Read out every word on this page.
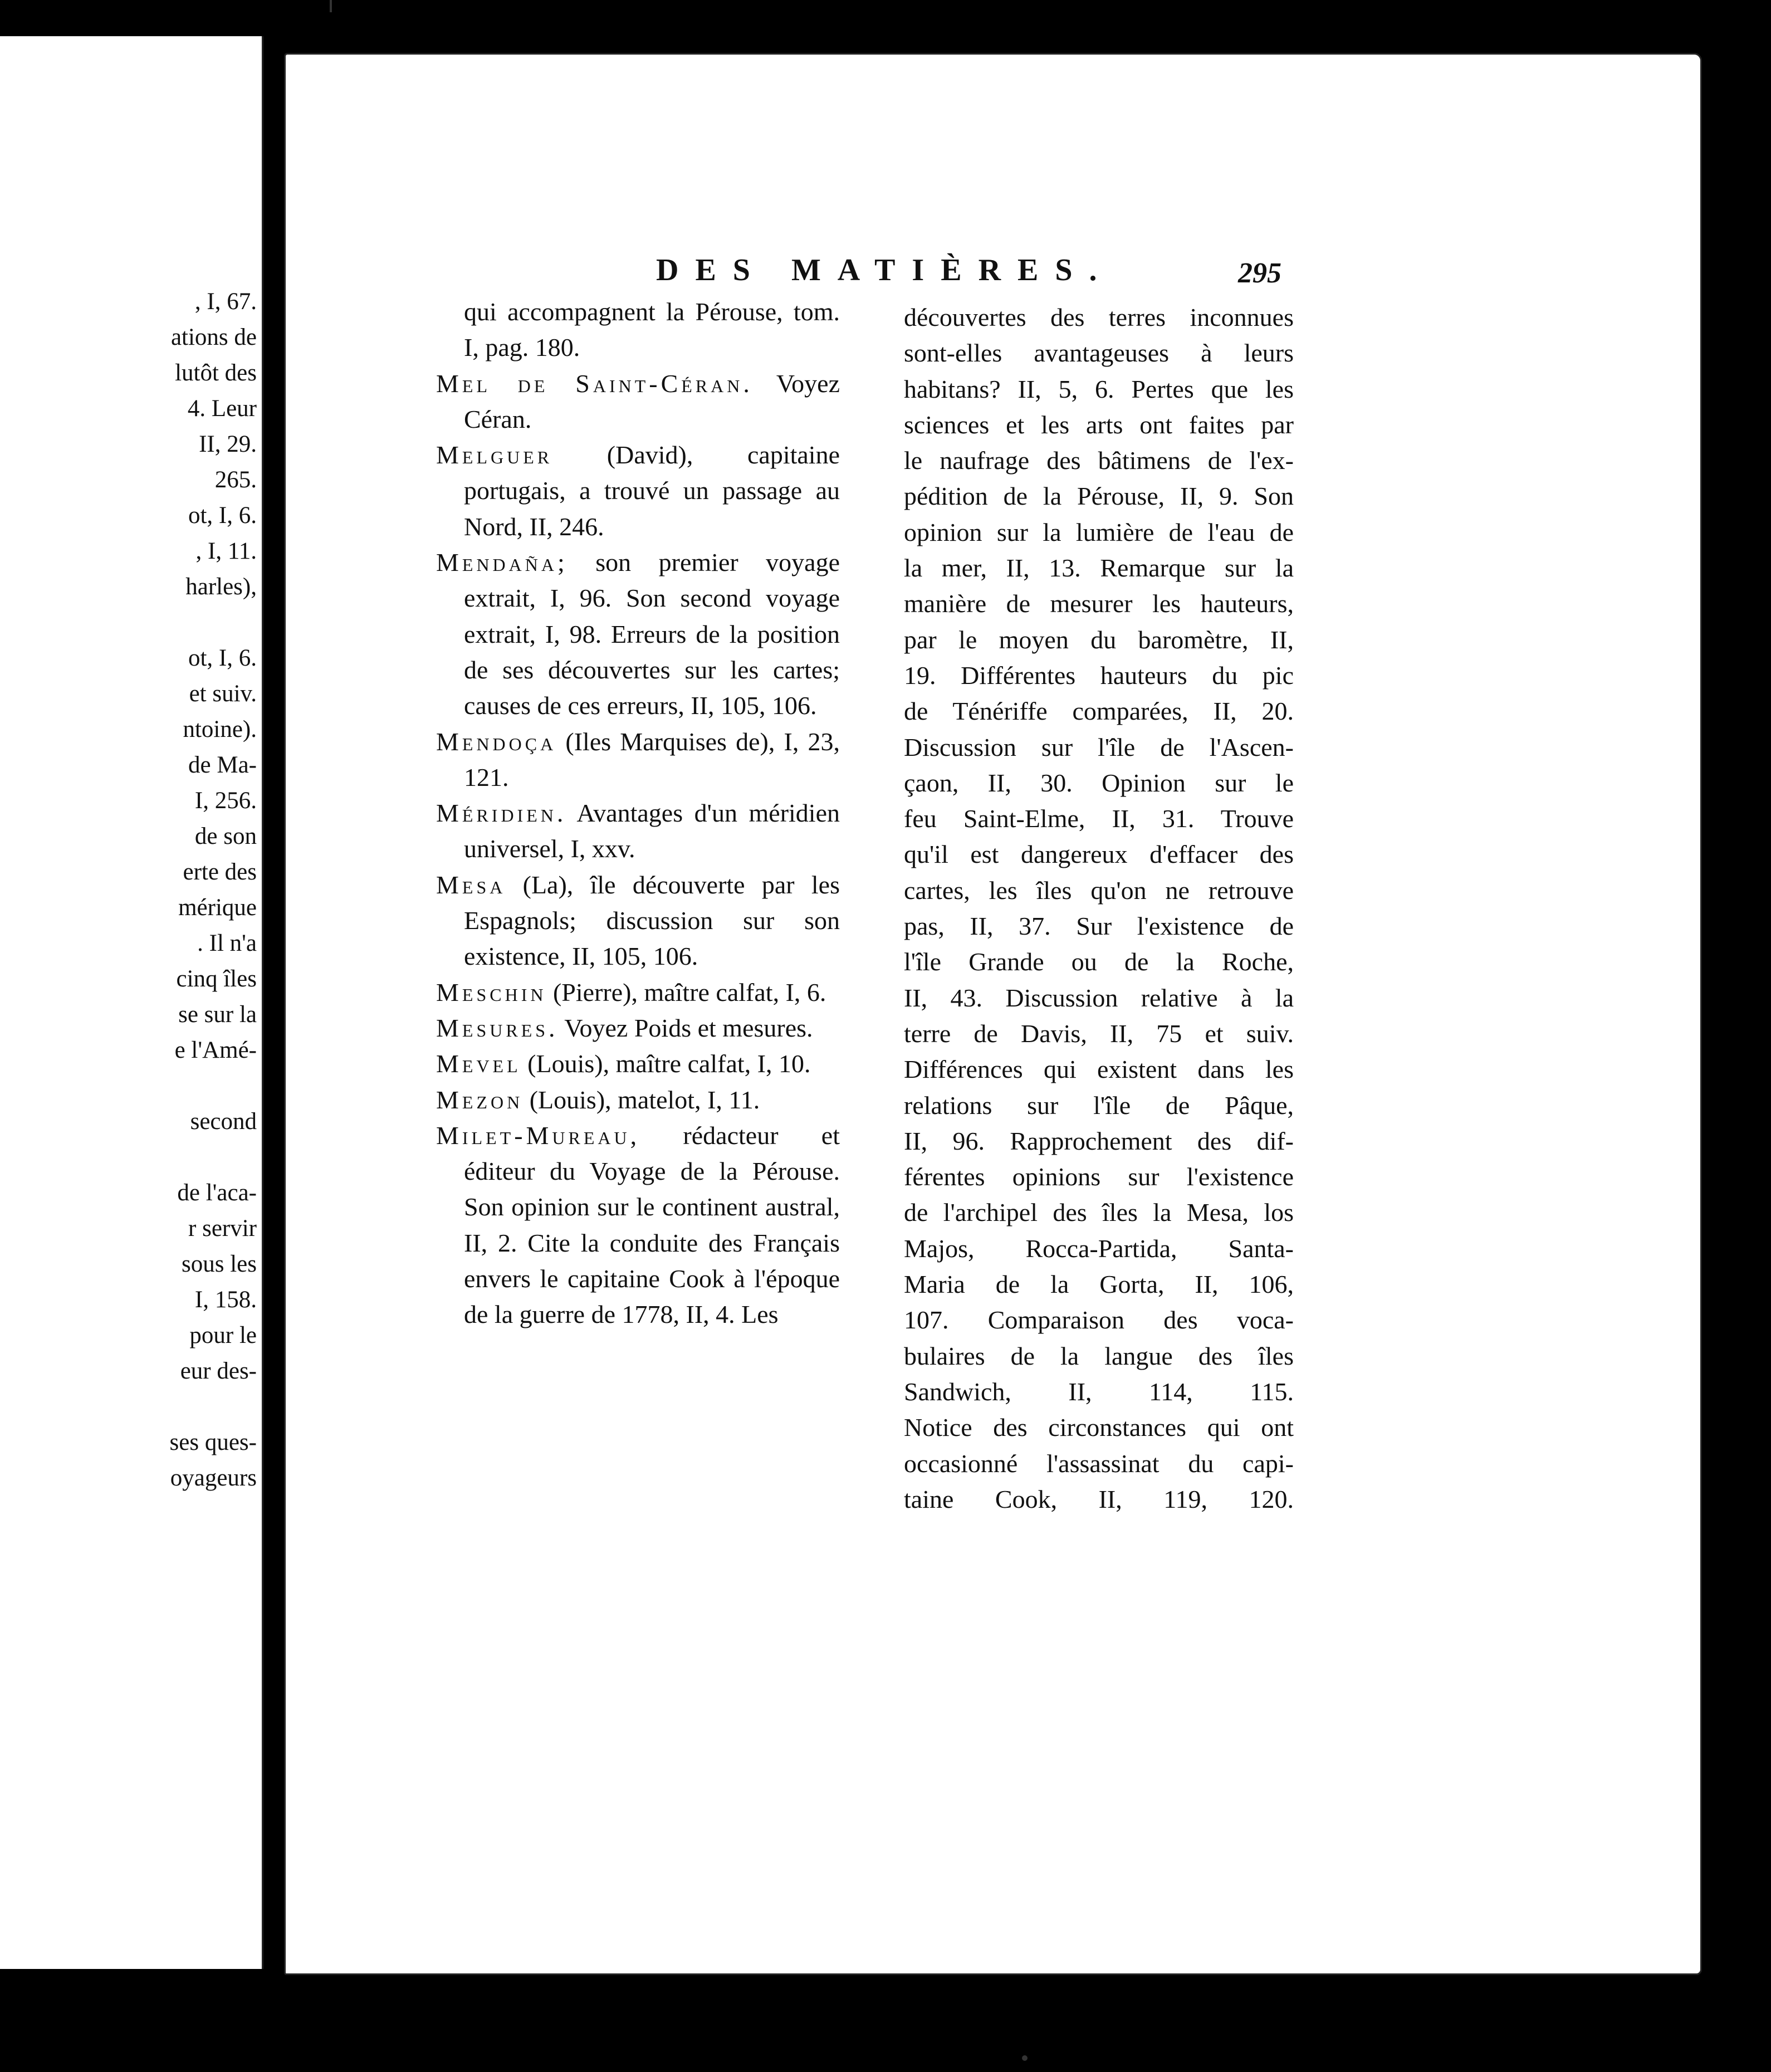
, I, 67.
ations de
lutôt des
4. Leur
II, 29.
265.
ot, I, 6.
, I, 11.
harles),
ot, I, 6.
et suiv.
ntoine).
de Ma-
I, 256.
de son
erte des
mérique
. Il n'a
cinq îles
se sur la
e l'Amé-
second
de l'aca-
r servir
sous les
I, 158.
pour le
eur des-
ses ques-
oyageurs
DES MATIÈRES.	295

qui accompagnent la Pérouse, tom. I, pag. 180.

Mel de Saint-Céran. Voyez Céran.

Melguer (David), capitaine portugais, a trouvé un passage au Nord, II, 246.

Mendaña; son premier voyage extrait, I, 96. Son second voyage extrait, I, 98. Erreurs de la position de ses découvertes sur les cartes; causes de ces erreurs, II, 105, 106.

Mendoça (Iles Marquises de), I, 23, 121.

Méridien. Avantages d'un méridien universel, I, xxv.

Mesa (La), île découverte par les Espagnols; discussion sur son existence, II, 105, 106.

Meschin (Pierre), maître calfat, I, 6.

Mesures. Voyez Poids et mesures.

Mevel (Louis), maître calfat, I, 10.

Mezon (Louis), matelot, I, 11.

Milet-Mureau, rédacteur et éditeur du Voyage de la Pérouse. Son opinion sur le continent austral, II, 2. Cite la conduite des Français envers le capitaine Cook à l'époque de la guerre de 1778, II, 4. Les

découvertes des terres inconnues
sont-elles avantageuses à leurs
habitans? II, 5, 6. Pertes que les
sciences et les arts ont faites par
le naufrage des bâtimens de l'ex-
pédition de la Pérouse, II, 9. Son
opinion sur la lumière de l'eau de
la mer, II, 13. Remarque sur la
manière de mesurer les hauteurs,
par le moyen du baromètre, II,
19. Différentes hauteurs du pic
de Ténériffe comparées, II, 20.
Discussion sur l'île de l'Ascen-
çaon, II, 30. Opinion sur le
feu Saint-Elme, II, 31. Trouve
qu'il est dangereux d'effacer des
cartes, les îles qu'on ne retrouve
pas, II, 37. Sur l'existence de
l'île Grande ou de la Roche,
II, 43. Discussion relative à la
terre de Davis, II, 75 et suiv.
Différences qui existent dans les
relations sur l'île de Pâque,
II, 96. Rapprochement des dif-
férentes opinions sur l'existence
de l'archipel des îles la Mesa, los
Majos, Rocca-Partida, Santa-
Maria de la Gorta, II, 106,
107. Comparaison des voca-
bulaires de la langue des îles
Sandwich, II, 114, 115.
Notice des circonstances qui ont
occasionné l'assassinat du capi-
taine Cook, II, 119, 120.
